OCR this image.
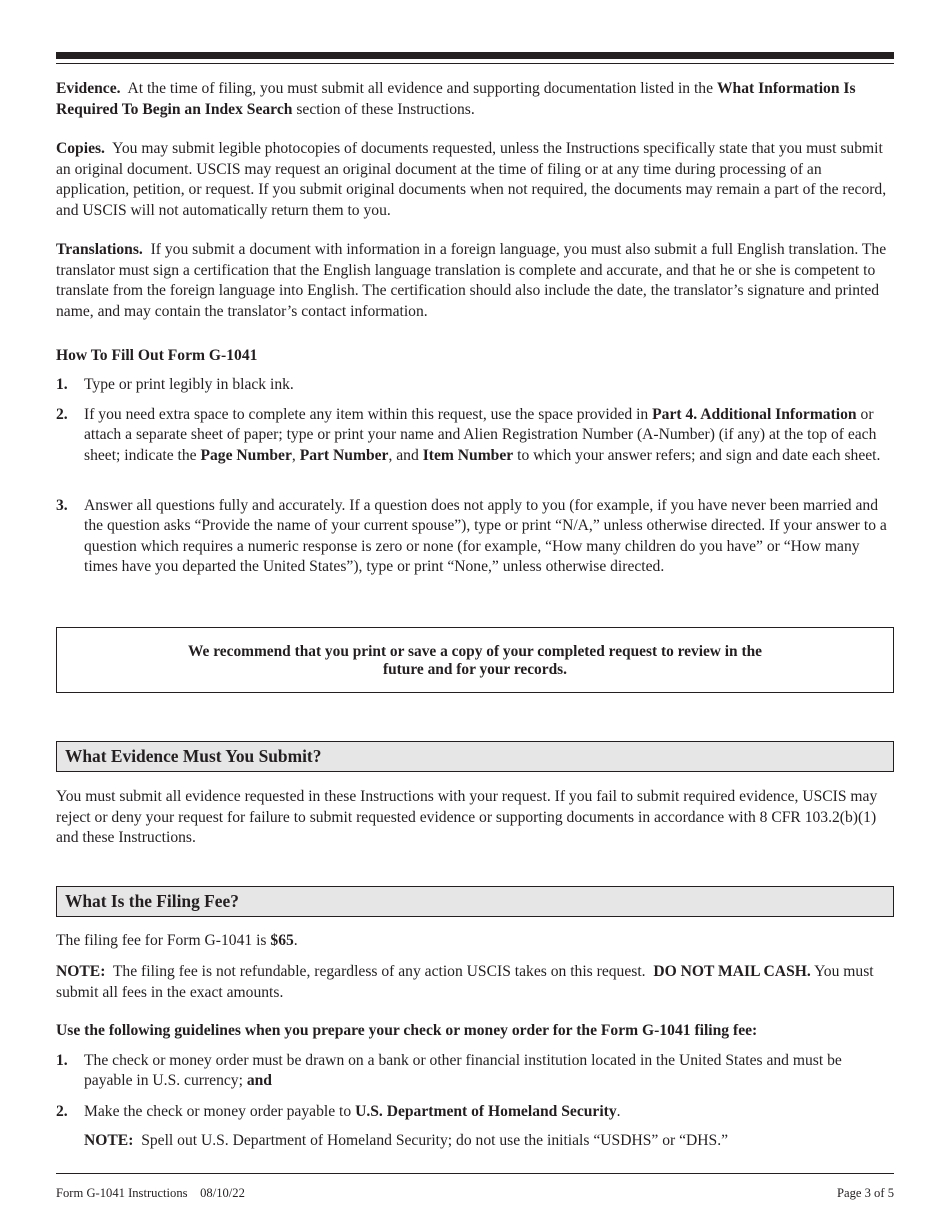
Evidence. At the time of filing, you must submit all evidence and supporting documentation listed in the What Information Is Required To Begin an Index Search section of these Instructions.

Copies. You may submit legible photocopies of documents requested, unless the Instructions specifically state that you must submit an original document. USCIS may request an original document at the time of filing or at any time during processing of an application, petition, or request. If you submit original documents when not required, the documents may remain a part of the record, and USCIS will not automatically return them to you.

Translations. If you submit a document with information in a foreign language, you must also submit a full English translation. The translator must sign a certification that the English language translation is complete and accurate, and that he or she is competent to translate from the foreign language into English. The certification should also include the date, the translator’s signature and printed name, and may contain the translator’s contact information.

How To Fill Out Form G-1041

1. Type or print legibly in black ink.
2. If you need extra space to complete any item within this request, use the space provided in Part 4. Additional Information or attach a separate sheet of paper; type or print your name and Alien Registration Number (A-Number) (if any) at the top of each sheet; indicate the Page Number, Part Number, and Item Number to which your answer refers; and sign and date each sheet.
3. Answer all questions fully and accurately. If a question does not apply to you (for example, if you have never been married and the question asks “Provide the name of your current spouse”), type or print “N/A,” unless otherwise directed. If your answer to a question which requires a numeric response is zero or none (for example, “How many children do you have” or “How many times have you departed the United States”), type or print “None,” unless otherwise directed.
We recommend that you print or save a copy of your completed request to review in the
future and for your records.
What Evidence Must You Submit?

You must submit all evidence requested in these Instructions with your request. If you fail to submit required evidence, USCIS may reject or deny your request for failure to submit requested evidence or supporting documents in accordance with 8 CFR 103.2(b)(1) and these Instructions.

What Is the Filing Fee?

The filing fee for Form G-1041 is $65.

NOTE: The filing fee is not refundable, regardless of any action USCIS takes on this request. DO NOT MAIL CASH. You must submit all fees in the exact amounts.

Use the following guidelines when you prepare your check or money order for the Form G-1041 filing fee:

1. The check or money order must be drawn on a bank or other financial institution located in the United States and must be payable in U.S. currency; and
2. Make the check or money order payable to U.S. Department of Homeland Security.
NOTE: Spell out U.S. Department of Homeland Security; do not use the initials “USDHS” or “DHS.”
Form G-1041 Instructions    08/10/22	Page 3 of 5
